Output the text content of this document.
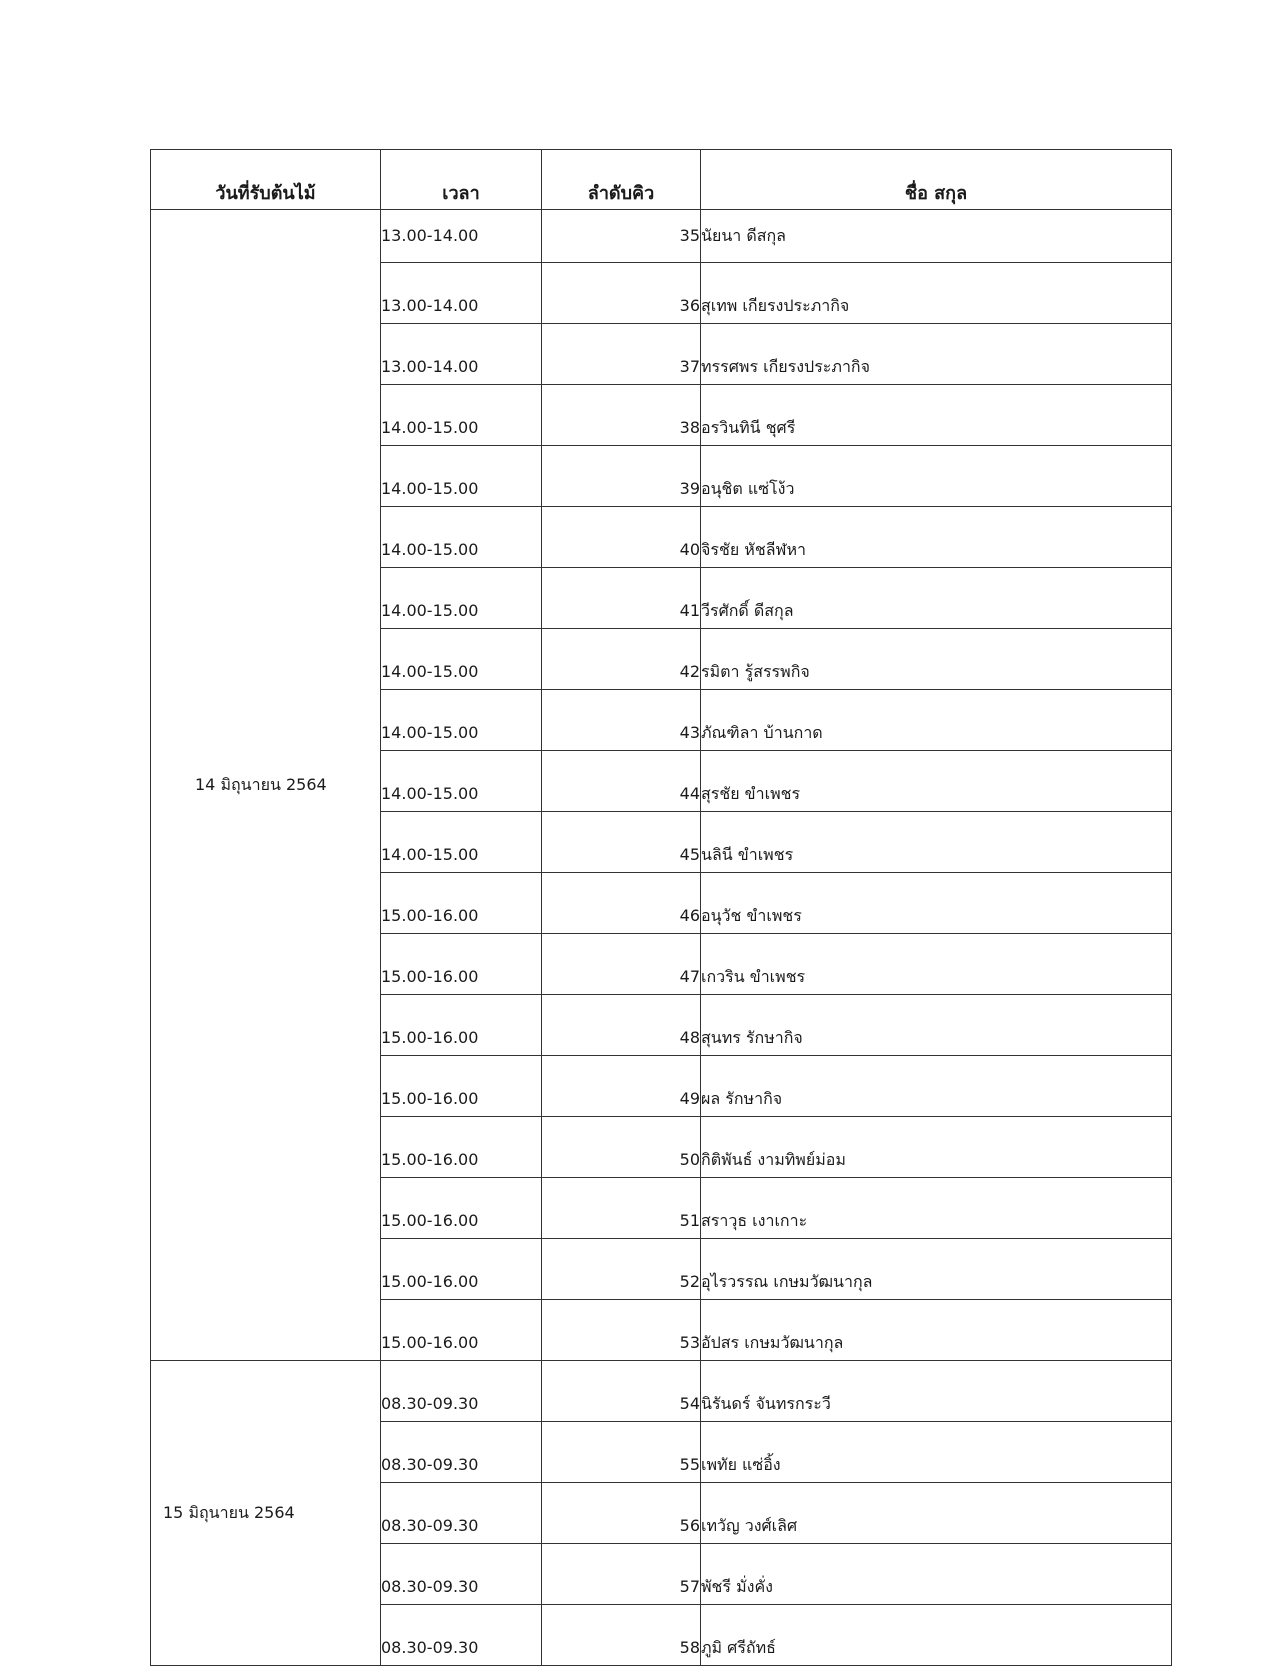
วันที่รับต้นไม้	เวลา	ลำดับคิว	ชื่อ สกุล
14 มิถุนายน 2564	13.00-14.00	35	นัยนา ดีสกุล
	13.00-14.00	36	สุเทพ เกียรงประภากิจ
	13.00-14.00	37	ทรรศพร เกียรงประภากิจ
	14.00-15.00	38	อรวินทินี ชุศรี
	14.00-15.00	39	อนุชิต แซ่โง้ว
	14.00-15.00	40	จิรชัย หัชลีฬหา
	14.00-15.00	41	วีรศักดิ์ ดีสกุล
	14.00-15.00	42	รมิตา รู้สรรพกิจ
	14.00-15.00	43	ภัณฑิลา บ้านกาด
	14.00-15.00	44	สุรชัย ขำเพชร
	14.00-15.00	45	นลินี ขำเพชร
	15.00-16.00	46	อนุวัช ขำเพชร
	15.00-16.00	47	เกวริน ขำเพชร
	15.00-16.00	48	สุนทร รักษากิจ
	15.00-16.00	49	ผล รักษากิจ
	15.00-16.00	50	กิติพันธ์ งามทิพย์ม่อม
	15.00-16.00	51	สราวุธ เงาเกาะ
	15.00-16.00	52	อุไรวรรณ เกษมวัฒนากุล
	15.00-16.00	53	อัปสร เกษมวัฒนากุล
15 มิถุนายน 2564	08.30-09.30	54	นิรันดร์ จันทรกระวี
	08.30-09.30	55	เพทัย แซ่อิ้ง
	08.30-09.30	56	เทวัญ วงศ์เลิศ
	08.30-09.30	57	พัชรี มั่งคั่ง
	08.30-09.30	58	ภูมิ ศรีถัทธ์
